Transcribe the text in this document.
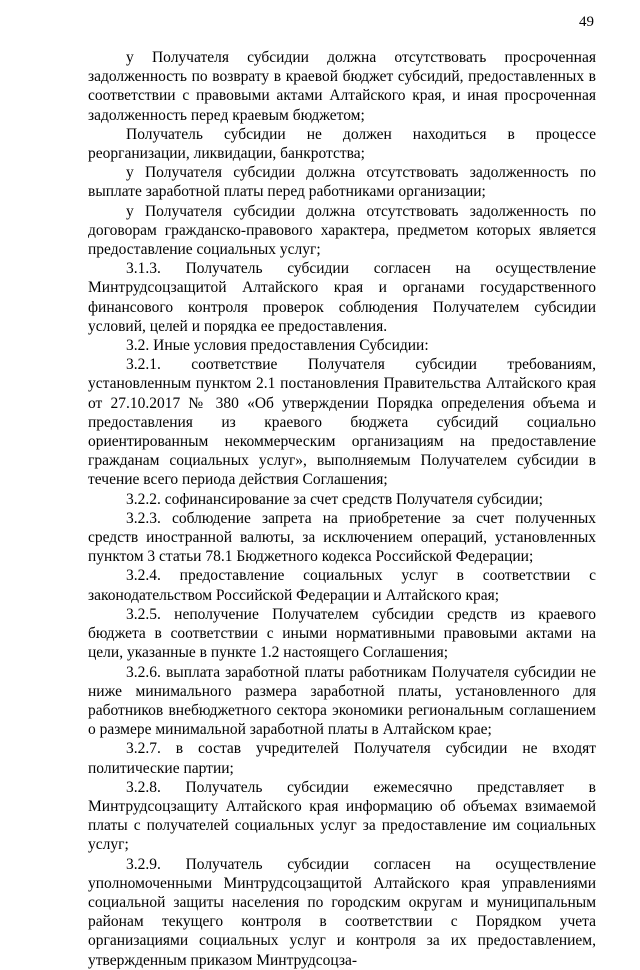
49

у Получателя субсидии должна отсутствовать просроченная задолженность по возврату в краевой бюджет субсидий, предоставленных в соответствии с правовыми актами Алтайского края, и иная просроченная задолженность перед краевым бюджетом;

Получатель субсидии не должен находиться в процессе реорганизации, ликвидации, банкротства;

у Получателя субсидии должна отсутствовать задолженность по выплате заработной платы перед работниками организации;

у Получателя субсидии должна отсутствовать задолженность по договорам гражданско-правового характера, предметом которых является предоставление социальных услуг;

3.1.3. Получатель субсидии согласен на осуществление Минтрудсоцзащитой Алтайского края и органами государственного финансового контроля проверок соблюдения Получателем субсидии условий, целей и порядка ее предоставления.

3.2. Иные условия предоставления Субсидии:

3.2.1. соответствие Получателя субсидии требованиям, установленным пунктом 2.1 постановления Правительства Алтайского края от 27.10.2017 № 380 «Об утверждении Порядка определения объема и предоставления из краевого бюджета субсидий социально ориентированным некоммерческим организациям на предоставление гражданам социальных услуг», выполняемым Получателем субсидии в течение всего периода действия Соглашения;

3.2.2. софинансирование за счет средств Получателя субсидии;

3.2.3. соблюдение запрета на приобретение за счет полученных средств иностранной валюты, за исключением операций, установленных пунктом 3 статьи 78.1 Бюджетного кодекса Российской Федерации;

3.2.4. предоставление социальных услуг в соответствии с законодательством Российской Федерации и Алтайского края;

3.2.5. неполучение Получателем субсидии средств из краевого бюджета в соответствии с иными нормативными правовыми актами на цели, указанные в пункте 1.2 настоящего Соглашения;

3.2.6. выплата заработной платы работникам Получателя субсидии не ниже минимального размера заработной платы, установленного для работников внебюджетного сектора экономики региональным соглашением о размере минимальной заработной платы в Алтайском крае;

3.2.7. в состав учредителей Получателя субсидии не входят политические партии;

3.2.8. Получатель субсидии ежемесячно представляет в Минтрудсоцзащиту Алтайского края информацию об объемах взимаемой платы с получателей социальных услуг за предоставление им социальных услуг;

3.2.9. Получатель субсидии согласен на осуществление уполномоченными Минтрудсоцзащитой Алтайского края управлениями социальной защиты населения по городским округам и муниципальным районам текущего контроля в соответствии с Порядком учета организациями социальных услуг и контроля за их предоставлением, утвержденным приказом Минтрудсоцза-
